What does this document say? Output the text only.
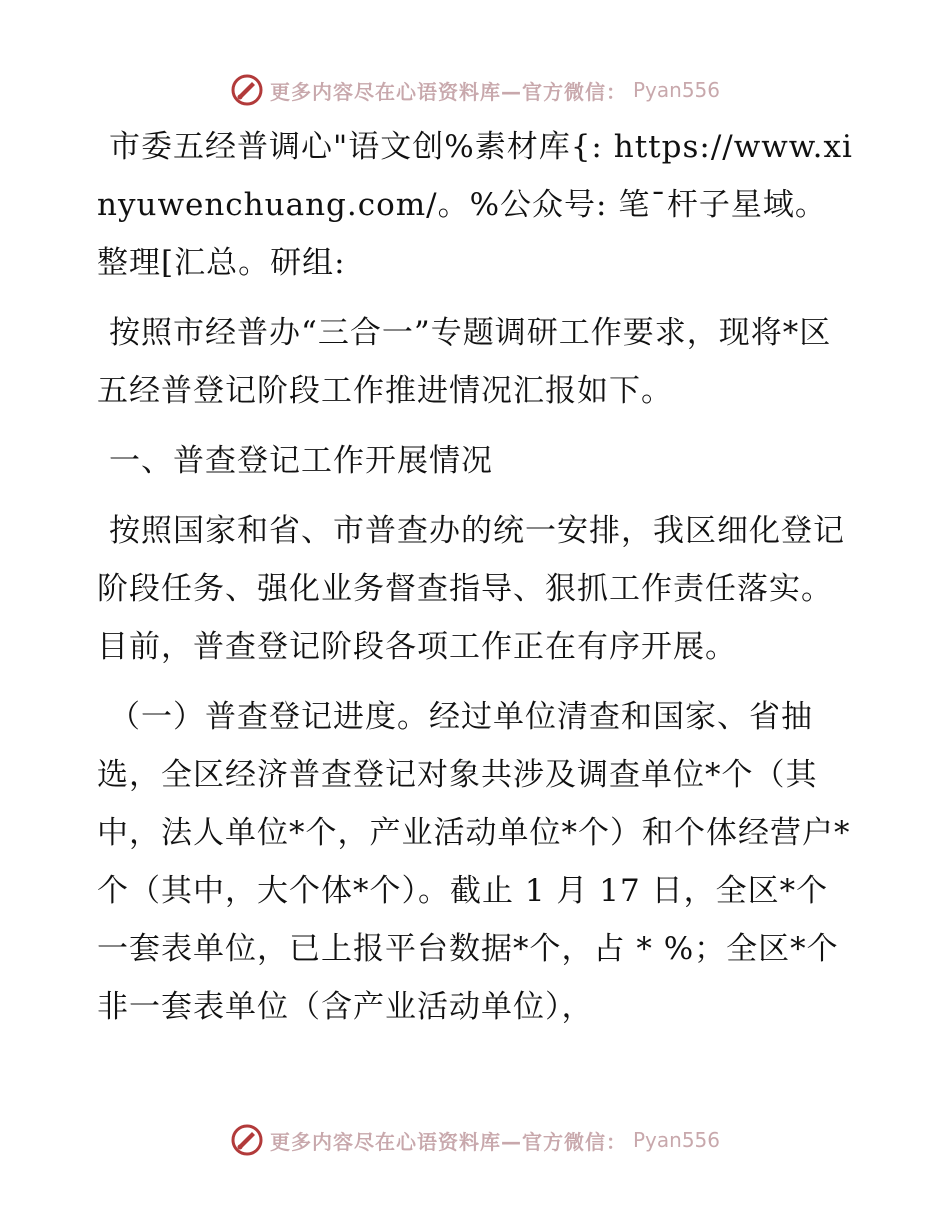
更多内容尽在心语资料库—官方微信： Pyan556

市委五经普调心"语文创%素材库{: https://www.xinyuwenchuang.com/。%公众号: 笔¯杆子星域。整理[汇总。研组:

按照市经普办“三合一”专题调研工作要求，现将*区五经普登记阶段工作推进情况汇报如下。

一、普查登记工作开展情况

按照国家和省、市普查办的统一安排，我区细化登记阶段任务、强化业务督查指导、狠抓工作责任落实。目前，普查登记阶段各项工作正在有序开展。

（一）普查登记进度。经过单位清查和国家、省抽选，全区经济普查登记对象共涉及调查单位*个（其中，法人单位*个，产业活动单位*个）和个体经营户*个（其中，大个体*个）。截止 1 月 17 日，全区*个一套表单位，已上报平台数据*个，占 * %；全区*个非一套表单位（含产业活动单位），

更多内容尽在心语资料库—官方微信： Pyan556
